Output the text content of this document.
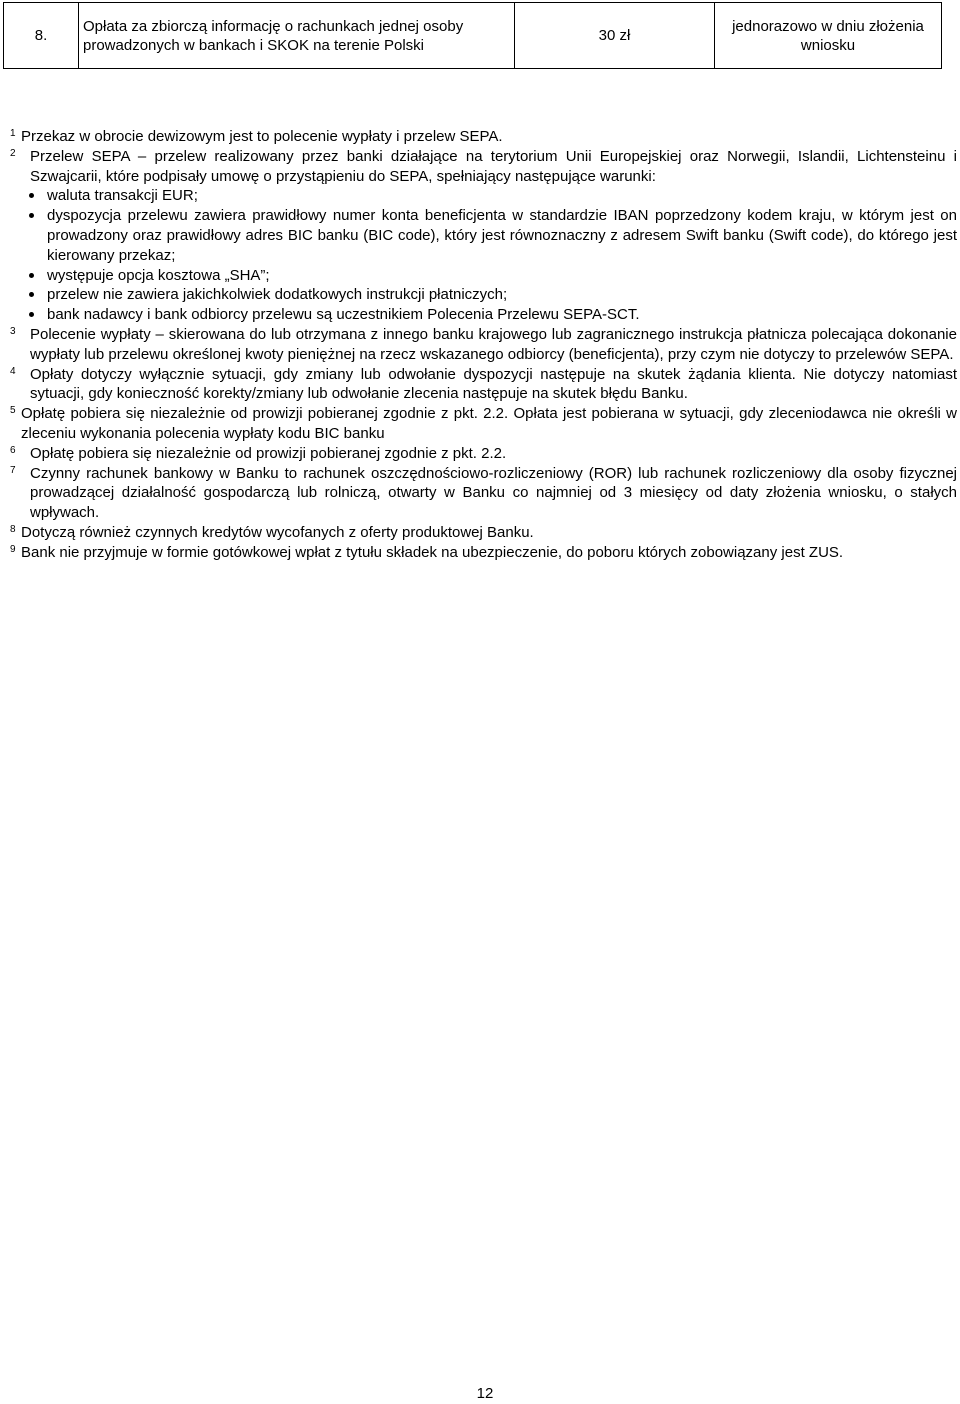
8.	Opłata za zbiorczą informację o rachunkach jednej osoby prowadzonych w bankach i SKOK na terenie Polski	30 zł	jednorazowo w dniu złożenia wniosku
1 Przekaz w obrocie dewizowym jest to polecenie wypłaty i przelew SEPA.
2 Przelew SEPA – przelew realizowany przez banki działające na terytorium Unii Europejskiej oraz Norwegii, Islandii, Lichtensteinu i Szwajcarii, które podpisały umowę o przystąpieniu do SEPA, spełniający następujące warunki:
waluta transakcji EUR;
dyspozycja przelewu zawiera prawidłowy numer konta beneficjenta w standardzie IBAN poprzedzony kodem kraju, w którym jest on prowadzony oraz prawidłowy adres BIC banku (BIC code), który jest równoznaczny z adresem Swift banku (Swift code), do którego jest kierowany przekaz;
występuje opcja kosztowa „SHA”;
przelew nie zawiera jakichkolwiek dodatkowych instrukcji płatniczych;
bank nadawcy i bank odbiorcy przelewu są uczestnikiem Polecenia Przelewu SEPA-SCT.
3 Polecenie wypłaty – skierowana do lub otrzymana z innego banku krajowego lub zagranicznego instrukcja płatnicza polecająca dokonanie wypłaty lub przelewu określonej kwoty pieniężnej na rzecz wskazanego odbiorcy (beneficjenta), przy czym nie dotyczy to przelewów SEPA.
4 Opłaty dotyczy wyłącznie sytuacji, gdy zmiany lub odwołanie dyspozycji następuje na skutek żądania klienta. Nie dotyczy natomiast sytuacji, gdy konieczność korekty/zmiany lub odwołanie zlecenia następuje na skutek błędu Banku.
5 Opłatę pobiera się niezależnie od prowizji pobieranej zgodnie z pkt. 2.2. Opłata jest pobierana w sytuacji, gdy zleceniodawca nie określi w zleceniu wykonania polecenia wypłaty kodu BIC banku
6 Opłatę pobiera się niezależnie od prowizji pobieranej zgodnie z pkt. 2.2.
7 Czynny rachunek bankowy w Banku to rachunek oszczędnościowo-rozliczeniowy (ROR) lub rachunek rozliczeniowy dla osoby fizycznej prowadzącej działalność gospodarczą lub rolniczą, otwarty w Banku co najmniej od 3 miesięcy od daty złożenia wniosku, o stałych wpływach.
8 Dotyczą również czynnych kredytów wycofanych z oferty produktowej Banku.
9 Bank nie przyjmuje w formie gotówkowej wpłat z tytułu składek na ubezpieczenie, do poboru których zobowiązany jest ZUS.
12
